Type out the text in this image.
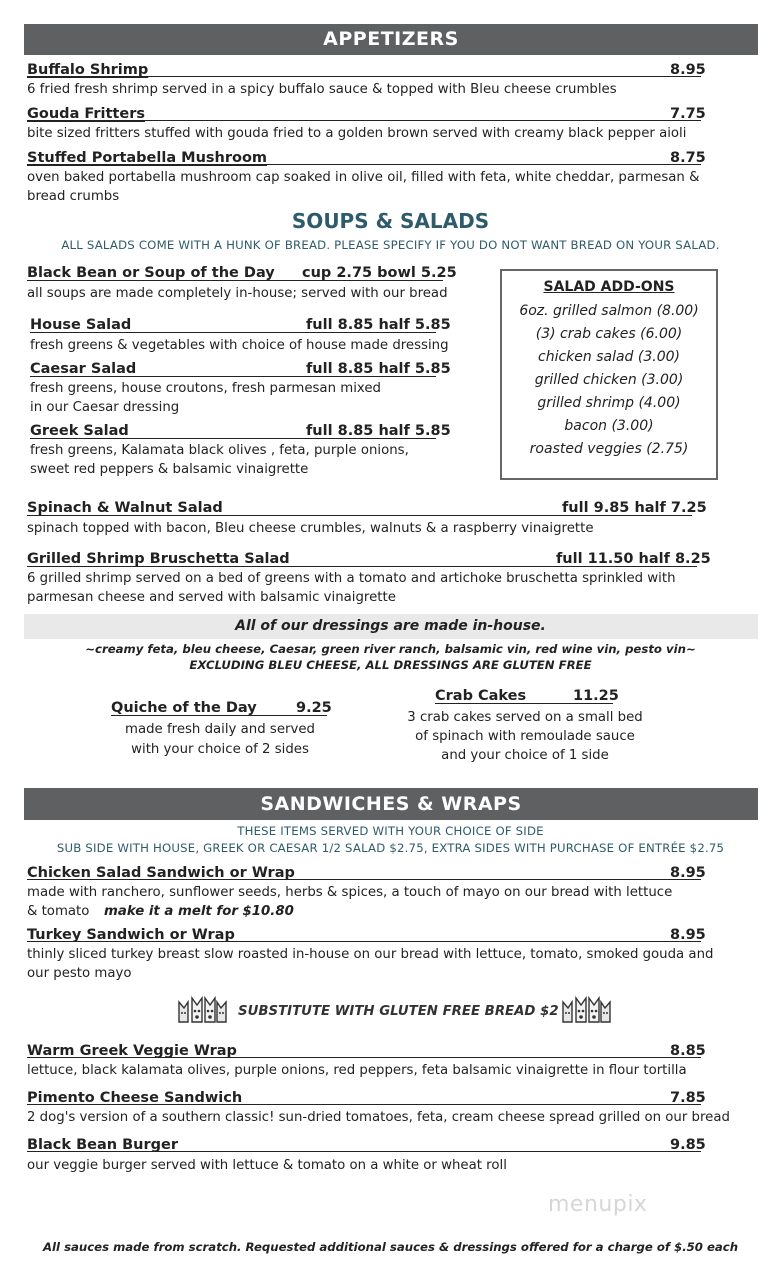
APPETIZERS
Buffalo Shrimp	8.95
6 fried fresh shrimp served in a spicy buffalo sauce & topped with Bleu cheese crumbles
Gouda Fritters	7.75
bite sized fritters stuffed with gouda fried to a golden brown served with creamy black pepper aioli
Stuffed Portabella Mushroom	8.75
oven baked portabella mushroom cap soaked in olive oil, filled with feta, white cheddar, parmesan &
bread crumbs
SOUPS & SALADS
ALL SALADS COME WITH A HUNK OF BREAD. PLEASE SPECIFY IF YOU DO NOT WANT BREAD ON YOUR SALAD.
Black Bean or Soup of the Day cup 2.75 bowl 5.25
all soups are made completely in-house; served with our bread
House Salad	full 8.85 half 5.85
fresh greens & vegetables with choice of house made dressing
Caesar Salad	full 8.85 half 5.85
fresh greens, house croutons, fresh parmesan mixed
in our Caesar dressing
Greek Salad	full 8.85 half 5.85
fresh greens, Kalamata black olives , feta, purple onions,
sweet red peppers & balsamic vinaigrette
SALAD ADD-ONS
6oz. grilled salmon (8.00)
(3) crab cakes (6.00)
chicken salad (3.00)
grilled chicken (3.00)
grilled shrimp (4.00)
bacon (3.00)
roasted veggies (2.75)
Spinach & Walnut Salad	full 9.85 half 7.25
spinach topped with bacon, Bleu cheese crumbles, walnuts & a raspberry vinaigrette
Grilled Shrimp Bruschetta Salad	full 11.50 half 8.25
6 grilled shrimp served on a bed of greens with a tomato and artichoke bruschetta sprinkled with
parmesan cheese and served with balsamic vinaigrette
All of our dressings are made in-house.
~creamy feta, bleu cheese, Caesar, green river ranch, balsamic vin, red wine vin, pesto vin~
EXCLUDING BLEU CHEESE, ALL DRESSINGS ARE GLUTEN FREE
Quiche of the Day	9.25
made fresh daily and served
with your choice of 2 sides
Crab Cakes	11.25
3 crab cakes served on a small bed
of spinach with remoulade sauce
and your choice of 1 side
SANDWICHES & WRAPS
THESE ITEMS SERVED WITH YOUR CHOICE OF SIDE
SUB SIDE WITH HOUSE, GREEK OR CAESAR 1/2 SALAD $2.75, EXTRA SIDES WITH PURCHASE OF ENTRÉE $2.75
Chicken Salad Sandwich or Wrap	8.95
made with ranchero, sunflower seeds, herbs & spices, a touch of mayo on our bread with lettuce
& tomato make it a melt for $10.80
Turkey Sandwich or Wrap	8.95
thinly sliced turkey breast slow roasted in-house on our bread with lettuce, tomato, smoked gouda and
our pesto mayo
SUBSTITUTE WITH GLUTEN FREE BREAD $2
Warm Greek Veggie Wrap	8.85
lettuce, black kalamata olives, purple onions, red peppers, feta balsamic vinaigrette in flour tortilla
Pimento Cheese Sandwich	7.85
2 dog's version of a southern classic! sun-dried tomatoes, feta, cream cheese spread grilled on our bread
Black Bean Burger	9.85
our veggie burger served with lettuce & tomato on a white or wheat roll
menupix
All sauces made from scratch. Requested additional sauces & dressings offered for a charge of $.50 each
